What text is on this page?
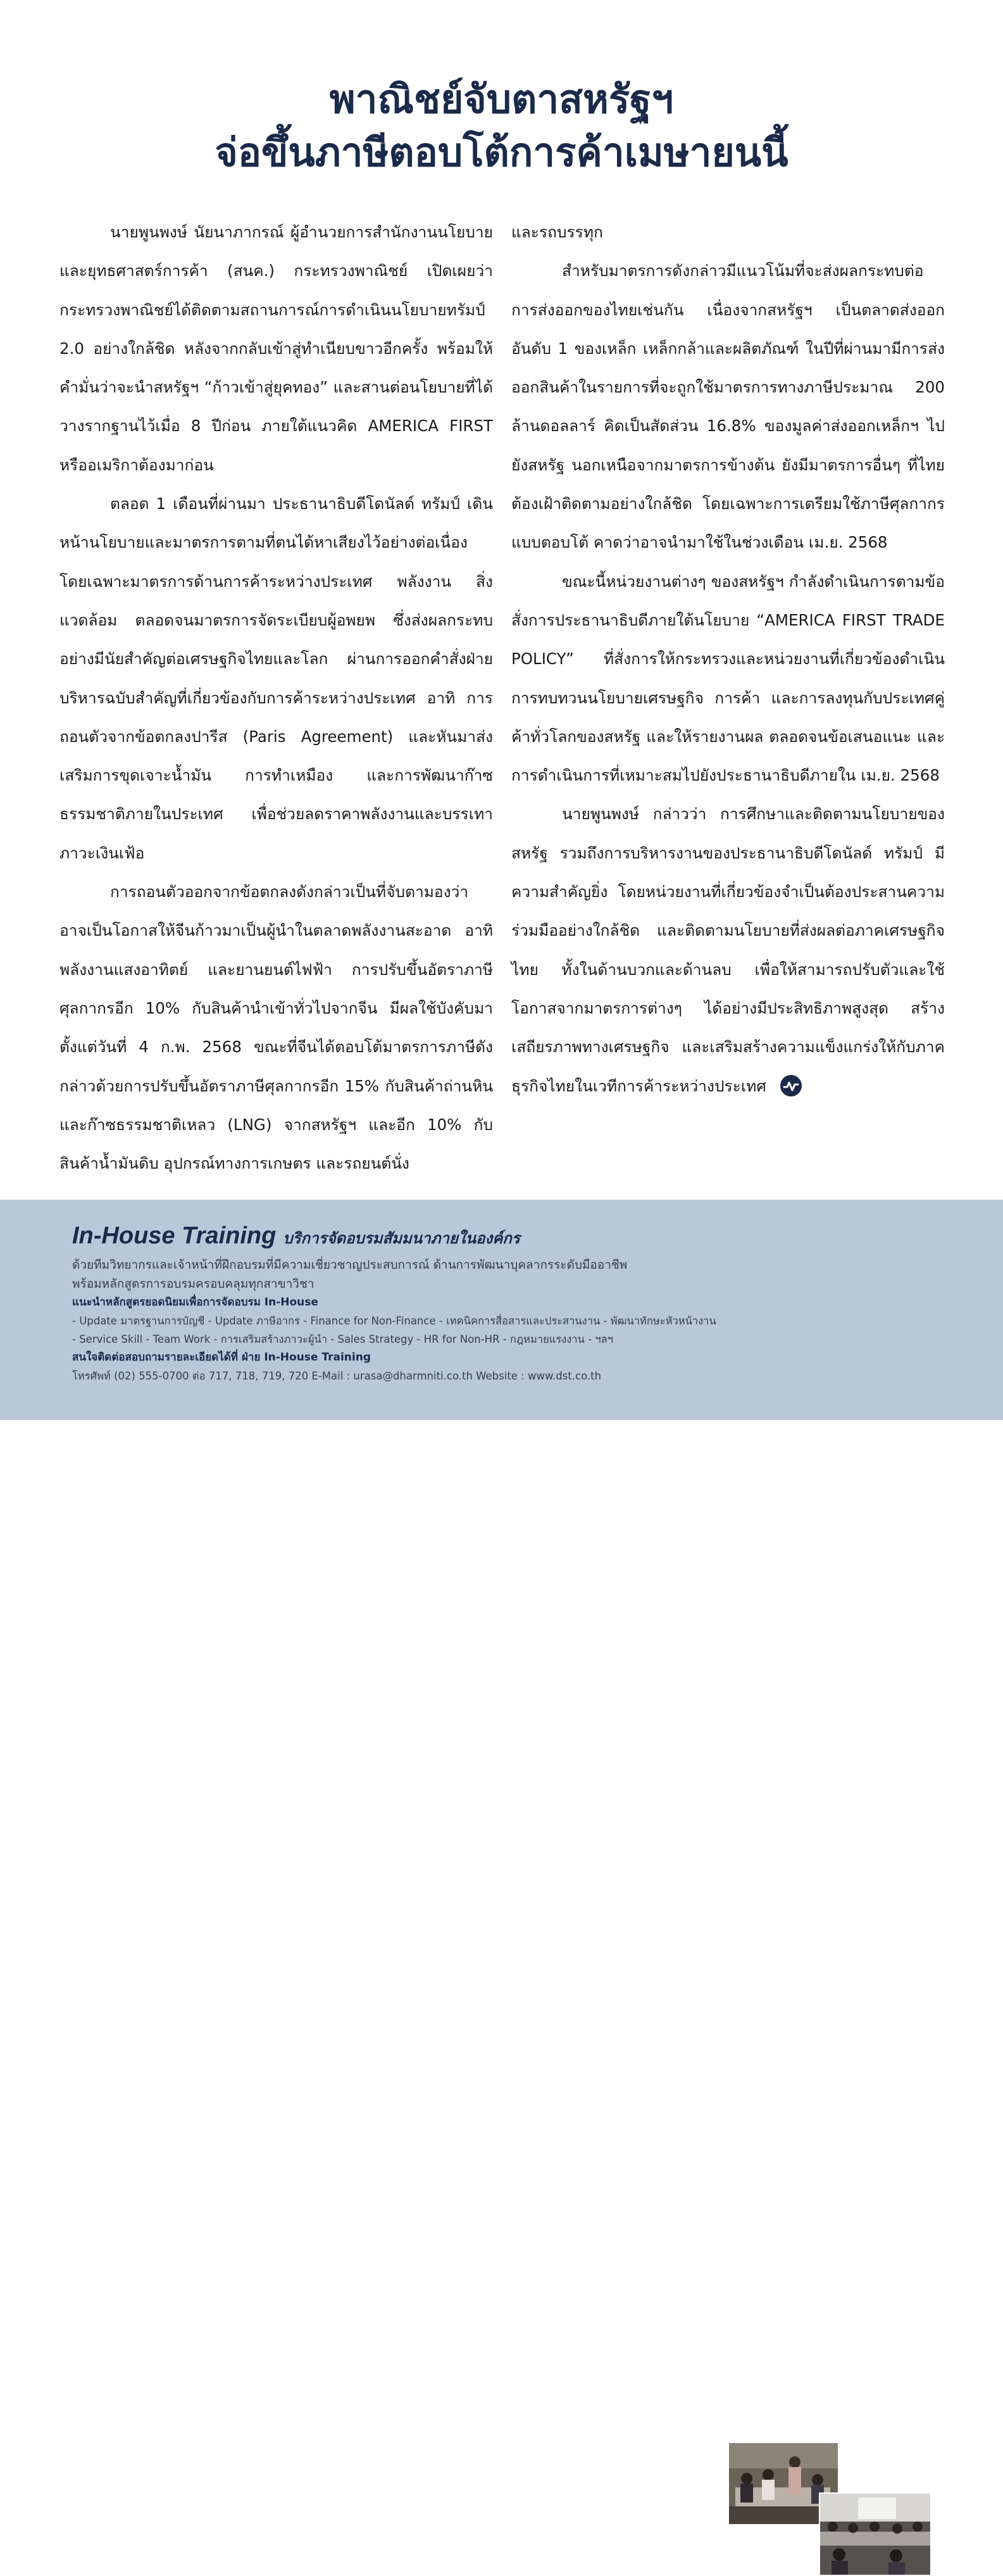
พาณิชย์จับตาสหรัฐฯ
จ่อขึ้นภาษีตอบโต้การค้าเมษายนนี้

นายพูนพงษ์ นัยนาภากรณ์ ผู้อำนวยการสำนักงานนโยบายและยุทธศาสตร์การค้า (สนค.) กระทรวงพาณิชย์ เปิดเผยว่ากระทรวงพาณิชย์ได้ติดตามสถานการณ์การดำเนินนโยบายทรัมป์ 2.0 อย่างใกล้ชิด หลังจากกลับเข้าสู่ทำเนียบขาวอีกครั้ง พร้อมให้คำมั่นว่าจะนำสหรัฐฯ “ก้าวเข้าสู่ยุคทอง” และสานต่อนโยบายที่ได้วางรากฐานไว้เมื่อ 8 ปีก่อน ภายใต้แนวคิด AMERICA FIRST หรืออเมริกาต้องมาก่อน

ตลอด 1 เดือนที่ผ่านมา ประธานาธิบดีโดนัลด์ ทรัมป์ เดินหน้านโยบายและมาตรการตามที่ตนได้หาเสียงไว้อย่างต่อเนื่อง โดยเฉพาะมาตรการด้านการค้าระหว่างประเทศ พลังงาน สิ่งแวดล้อม ตลอดจนมาตรการจัดระเบียบผู้อพยพ ซึ่งส่งผลกระทบอย่างมีนัยสำคัญต่อเศรษฐกิจไทยและโลก ผ่านการออกคำสั่งฝ่ายบริหารฉบับสำคัญที่เกี่ยวข้องกับการค้าระหว่างประเทศ อาทิ การถอนตัวจากข้อตกลงปารีส (Paris Agreement) และหันมาส่งเสริมการขุดเจาะน้ำมัน การทำเหมือง และการพัฒนาก๊าซธรรมชาติภายในประเทศ เพื่อช่วยลดราคาพลังงานและบรรเทาภาวะเงินเฟ้อ

การถอนตัวออกจากข้อตกลงดังกล่าวเป็นที่จับตามองว่าอาจเป็นโอกาสให้จีนก้าวมาเป็นผู้นำในตลาดพลังงานสะอาด อาทิ พลังงานแสงอาทิตย์ และยานยนต์ไฟฟ้า การปรับขึ้นอัตราภาษีศุลกากรอีก 10% กับสินค้านำเข้าทั่วไปจากจีน มีผลใช้บังคับมาตั้งแต่วันที่ 4 ก.พ. 2568 ขณะที่จีนได้ตอบโต้มาตรการภาษีดังกล่าวด้วยการปรับขึ้นอัตราภาษีศุลกากรอีก 15% กับสินค้าถ่านหิน และก๊าซธรรมชาติเหลว (LNG) จากสหรัฐฯ และอีก 10% กับสินค้าน้ำมันดิบ อุปกรณ์ทางการเกษตร และรถยนต์นั่ง

และรถบรรทุก

สำหรับมาตรการดังกล่าวมีแนวโน้มที่จะส่งผลกระทบต่อการส่งออกของไทยเช่นกัน เนื่องจากสหรัฐฯ เป็นตลาดส่งออกอันดับ 1 ของเหล็ก เหล็กกล้าและผลิตภัณฑ์ ในปีที่ผ่านมามีการส่งออกสินค้าในรายการที่จะถูกใช้มาตรการทางภาษีประมาณ 200 ล้านดอลลาร์ คิดเป็นสัดส่วน 16.8% ของมูลค่าส่งออกเหล็กฯ ไปยังสหรัฐ นอกเหนือจากมาตรการข้างต้น ยังมีมาตรการอื่นๆ ที่ไทยต้องเฝ้าติดตามอย่างใกล้ชิด โดยเฉพาะการเตรียมใช้ภาษีศุลกากรแบบตอบโต้ คาดว่าอาจนำมาใช้ในช่วงเดือน เม.ย. 2568

ขณะนี้หน่วยงานต่างๆ ของสหรัฐฯ กำลังดำเนินการตามข้อสั่งการประธานาธิบดีภายใต้นโยบาย “AMERICA FIRST TRADE POLICY” ที่สั่งการให้กระทรวงและหน่วยงานที่เกี่ยวข้องดำเนินการทบทวนนโยบายเศรษฐกิจ การค้า และการลงทุนกับประเทศคู่ค้าทั่วโลกของสหรัฐ และให้รายงานผล ตลอดจนข้อเสนอแนะ และการดำเนินการที่เหมาะสมไปยังประธานาธิบดีภายใน เม.ย. 2568

นายพูนพงษ์ กล่าวว่า การศึกษาและติดตามนโยบายของสหรัฐ รวมถึงการบริหารงานของประธานาธิบดีโดนัลด์ ทรัมป์ มีความสำคัญยิ่ง โดยหน่วยงานที่เกี่ยวข้องจำเป็นต้องประสานความร่วมมืออย่างใกล้ชิด และติดตามนโยบายที่ส่งผลต่อภาคเศรษฐกิจไทย ทั้งในด้านบวกและด้านลบ เพื่อให้สามารถปรับตัวและใช้โอกาสจากมาตรการต่างๆ ได้อย่างมีประสิทธิภาพสูงสุด สร้างเสถียรภาพทางเศรษฐกิจ และเสริมสร้างความแข็งแกร่งให้กับภาคธุรกิจไทยในเวทีการค้าระหว่างประเทศ

In-House Training บริการจัดอบรมสัมมนาภายในองค์กร
ด้วยทีมวิทยากรและเจ้าหน้าที่ฝึกอบรมที่มีความเชี่ยวชาญประสบการณ์ ด้านการพัฒนาบุคลากรระดับมืออาชีพ
พร้อมหลักสูตรการอบรมครอบคลุมทุกสาขาวิชา
แนะนำหลักสูตรยอดนิยมเพื่อการจัดอบรม In-House
- Update มาตรฐานการบัญชี - Update ภาษีอากร - Finance for Non-Finance - เทคนิคการสื่อสารและประสานงาน - พัฒนาทักษะหัวหน้างาน
- Service Skill - Team Work - การเสริมสร้างภาวะผู้นำ - Sales Strategy - HR for Non-HR - กฎหมายแรงงาน - ฯลฯ
สนใจติดต่อสอบถามรายละเอียดได้ที่ ฝ่าย In-House Training
โทรศัพท์ (02) 555-0700 ต่อ 717, 718, 719, 720 E-Mail : urasa@dharmniti.co.th Website : www.dst.co.th
